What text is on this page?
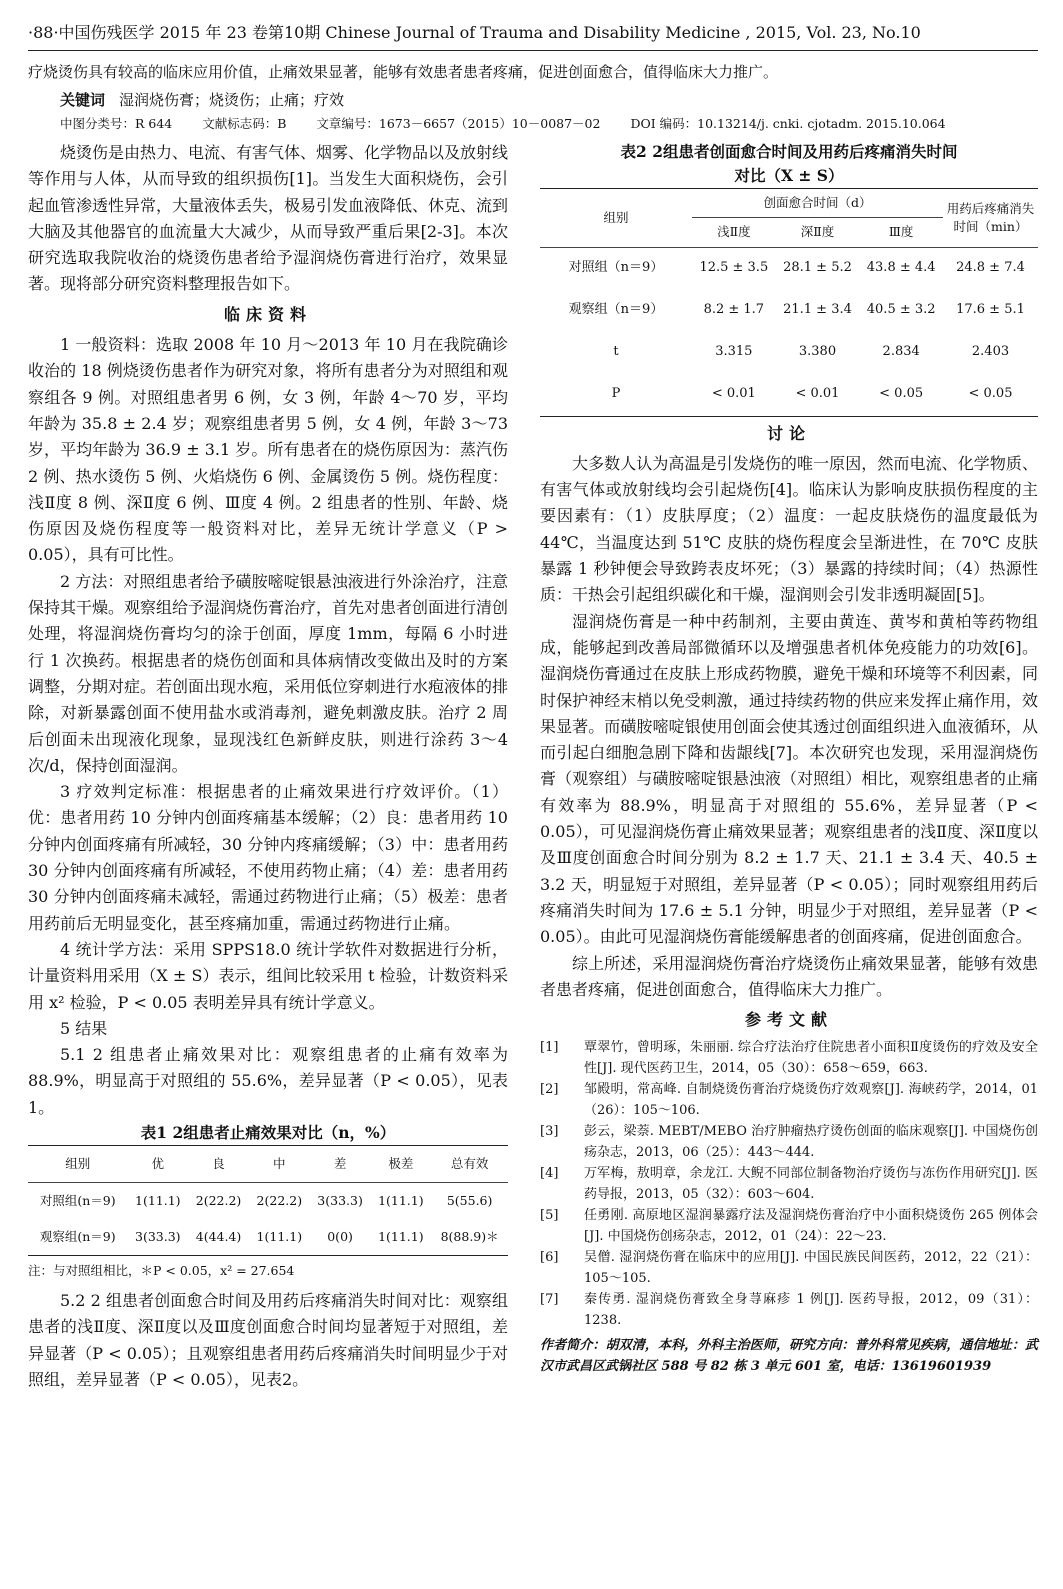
·88·中国伤残医学 2015 年 23 卷第10期 Chinese Journal of Trauma and Disability Medicine , 2015, Vol. 23, No.10
疗烧烫伤具有较高的临床应用价值，止痛效果显著，能够有效患者患者疼痛，促进创面愈合，值得临床大力推广。
关键词 湿润烧伤膏；烧烫伤；止痛；疗效
中图分类号：R 644 文献标志码：B 文章编号：1673－6657（2015）10－0087－02 DOI 编码：10.13214/j. cnki. cjotadm. 2015.10.064

烧烫伤是由热力、电流、有害气体、烟雾、化学物品以及放射线等作用与人体，从而导致的组织损伤[1]。当发生大面积烧伤，会引起血管渗透性异常，大量液体丢失，极易引发血液降低、休克、流到大脑及其他器官的血流量大大减少，从而导致严重后果[2-3]。本次研究选取我院收治的烧烫伤患者给予湿润烧伤膏进行治疗，效果显著。现将部分研究资料整理报告如下。

临床资料

1 一般资料：选取 2008 年 10 月～2013 年 10 月在我院确诊收治的 18 例烧烫伤患者作为研究对象，将所有患者分为对照组和观察组各 9 例。对照组患者男 6 例，女 3 例，年龄 4～70 岁，平均年龄为 35.8 ± 2.4 岁；观察组患者男 5 例，女 4 例，年龄 3～73 岁，平均年龄为 36.9 ± 3.1 岁。所有患者在的烧伤原因为：蒸汽伤 2 例、热水烫伤 5 例、火焰烧伤 6 例、金属烫伤 5 例。烧伤程度：浅Ⅱ度 8 例、深Ⅱ度 6 例、Ⅲ度 4 例。2 组患者的性别、年龄、烧伤原因及烧伤程度等一般资料对比，差异无统计学意义（P > 0.05），具有可比性。

2 方法：对照组患者给予磺胺嘧啶银悬浊液进行外涂治疗，注意保持其干燥。观察组给予湿润烧伤膏治疗，首先对患者创面进行清创处理，将湿润烧伤膏均匀的涂于创面，厚度 1mm，每隔 6 小时进行 1 次换药。根据患者的烧伤创面和具体病情改变做出及时的方案调整，分期对症。若创面出现水疱，采用低位穿刺进行水疱液体的排除，对新暴露创面不使用盐水或消毒剂，避免刺激皮肤。治疗 2 周后创面未出现液化现象，显现浅红色新鲜皮肤，则进行涂药 3～4 次/d，保持创面湿润。

3 疗效判定标准：根据患者的止痛效果进行疗效评价。（1）优：患者用药 10 分钟内创面疼痛基本缓解；（2）良：患者用药 10 分钟内创面疼痛有所减轻，30 分钟内疼痛缓解；（3）中：患者用药 30 分钟内创面疼痛有所减轻，不使用药物止痛；（4）差：患者用药 30 分钟内创面疼痛未减轻，需通过药物进行止痛；（5）极差：患者用药前后无明显变化，甚至疼痛加重，需通过药物进行止痛。

4 统计学方法：采用 SPPS18.0 统计学软件对数据进行分析，计量资料用采用（X ± S）表示，组间比较采用 t 检验，计数资料采用 x² 检验，P < 0.05 表明差异具有统计学意义。

5 结果

5.1 2 组患者止痛效果对比：观察组患者的止痛有效率为 88.9%，明显高于对照组的 55.6%，差异显著（P < 0.05），见表1。

表1 2组患者止痛效果对比（n，%）
组别	优	良	中	差	极差	总有效
对照组(n＝9)	1(11.1)	2(22.2)	2(22.2)	3(33.3)	1(11.1)	5(55.6)
观察组(n＝9)	3(33.3)	4(44.4)	1(11.1)	0(0)	1(11.1)	8(88.9)＊
注：与对照组相比，＊P < 0.05，x² = 27.654

5.2 2 组患者创面愈合时间及用药后疼痛消失时间对比：观察组患者的浅Ⅱ度、深Ⅱ度以及Ⅲ度创面愈合时间均显著短于对照组，差异显著（P < 0.05）；且观察组患者用药后疼痛消失时间明显少于对照组，差异显著（P < 0.05），见表2。

表2 2组患者创面愈合时间及用药后疼痛消失时间
对比（X ± S）
组别	创面愈合时间（d）			用药后疼痛消失时间（min）
	浅Ⅱ度	深Ⅱ度	Ⅲ度	
对照组（n＝9）	12.5 ± 3.5	28.1 ± 5.2	43.8 ± 4.4	24.8 ± 7.4
观察组（n＝9）	8.2 ± 1.7	21.1 ± 3.4	40.5 ± 3.2	17.6 ± 5.1
t	3.315	3.380	2.834	2.403
P	< 0.01	< 0.01	< 0.05	< 0.05
讨论

大多数人认为高温是引发烧伤的唯一原因，然而电流、化学物质、有害气体或放射线均会引起烧伤[4]。临床认为影响皮肤损伤程度的主要因素有：（1）皮肤厚度；（2）温度：一起皮肤烧伤的温度最低为 44℃，当温度达到 51℃ 皮肤的烧伤程度会呈渐进性，在 70℃ 皮肤暴露 1 秒钟便会导致跨表皮坏死；（3）暴露的持续时间；（4）热源性质：干热会引起组织碳化和干燥，湿润则会引发非透明凝固[5]。

湿润烧伤膏是一种中药制剂，主要由黄连、黄岑和黄柏等药物组成，能够起到改善局部微循环以及增强患者机体免疫能力的功效[6]。湿润烧伤膏通过在皮肤上形成药物膜，避免干燥和环境等不利因素，同时保护神经末梢以免受刺激，通过持续药物的供应来发挥止痛作用，效果显著。而磺胺嘧啶银使用创面会使其透过创面组织进入血液循环，从而引起白细胞急剧下降和齿龈线[7]。本次研究也发现，采用湿润烧伤膏（观察组）与磺胺嘧啶银悬浊液（对照组）相比，观察组患者的止痛有效率为 88.9%，明显高于对照组的 55.6%，差异显著（P < 0.05），可见湿润烧伤膏止痛效果显著；观察组患者的浅Ⅱ度、深Ⅱ度以及Ⅲ度创面愈合时间分别为 8.2 ± 1.7 天、21.1 ± 3.4 天、40.5 ± 3.2 天，明显短于对照组，差异显著（P < 0.05）；同时观察组用药后疼痛消失时间为 17.6 ± 5.1 分钟，明显少于对照组，差异显著（P < 0.05）。由此可见湿润烧伤膏能缓解患者的创面疼痛，促进创面愈合。

综上所述，采用湿润烧伤膏治疗烧烫伤止痛效果显著，能够有效患者患者疼痛，促进创面愈合，值得临床大力推广。

参考文献
[1]	覃翠竹，曾明琢，朱丽丽. 综合疗法治疗住院患者小面积Ⅱ度烫伤的疗效及安全性[J]. 现代医药卫生，2014，05（30）：658～659，663.
[2]	邹殿明，常高峰. 自制烧烫伤膏治疗烧烫伤疗效观察[J]. 海峡药学，2014，01（26）：105～106.
[3]	彭云，梁萘. MEBT/MEBO 治疗肿瘤热疗烫伤创面的临床观察[J]. 中国烧伤创疡杂志，2013，06（25）：443～444.
[4]	万军梅，敖明章，余龙江. 大鲵不同部位制备物治疗烫伤与冻伤作用研究[J]. 医药导报，2013，05（32）：603～604.
[5]	任勇刚. 高原地区湿润暴露疗法及湿润烧伤膏治疗中小面积烧烫伤 265 例体会[J]. 中国烧伤创疡杂志，2012，01（24）：22～23.
[6]	吴僧. 湿润烧伤膏在临床中的应用[J]. 中国民族民间医药，2012，22（21）：105～105.
[7]	秦传勇. 湿润烧伤膏致全身荨麻疹 1 例[J]. 医药导报，2012，09（31）：1238.
作者简介：胡双清，本科，外科主治医师，研究方向：普外科常见疾病，通信地址：武汉市武昌区武锅社区 588 号 82 栋 3 单元 601 室，电话：13619601939
